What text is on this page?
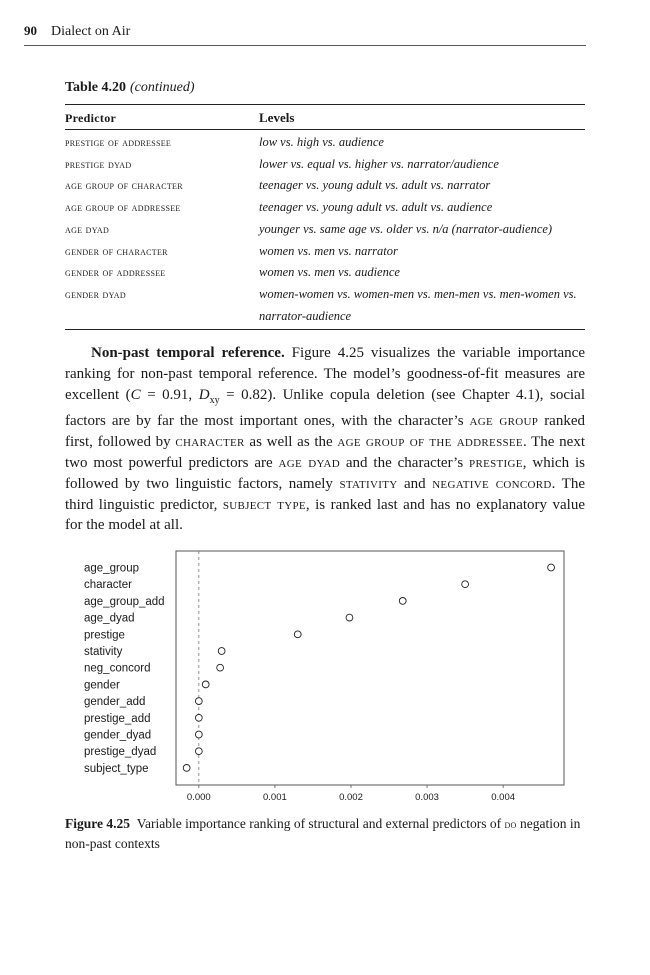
90 Dialect on Air
Table 4.20 (continued)
Predictor	Levels
prestige of addressee	low vs. high vs. audience
prestige dyad	lower vs. equal vs. higher vs. narrator/audience
age group of character	teenager vs. young adult vs. adult vs. narrator
age group of addressee	teenager vs. young adult vs. adult vs. audience
age dyad	younger vs. same age vs. older vs. n/a (narrator-audience)
gender of character	women vs. men vs. narrator
gender of addressee	women vs. men vs. audience
gender dyad	women-women vs. women-men vs. men-men vs. men-women vs. narrator-audience
Non-past temporal reference. Figure 4.25 visualizes the variable importance ranking for non-past temporal reference. The model’s goodness-of-fit measures are excellent (C = 0.91, $D_{xy} = 0.82$). Unlike copula deletion (see Chapter 4.1), social factors are by far the most important ones, with the character’s age group ranked first, followed by character as well as the age group of the addressee. The next two most powerful predictors are age dyad and the character’s prestige, which is followed by two linguistic factors, namely stativity and negative concord. The third linguistic predictor, subject type, is ranked last and has no explanatory value for the model at all.
age_group
character
age_group_add
age_dyad
prestige
stativity
neg_concord
gender
gender_add
prestige_add
gender_dyad
prestige_dyad
subject_type
0.000	0.001	0.002	0.003	0.004
Figure 4.25 Variable importance ranking of structural and external predictors of do negation in non-past contexts
